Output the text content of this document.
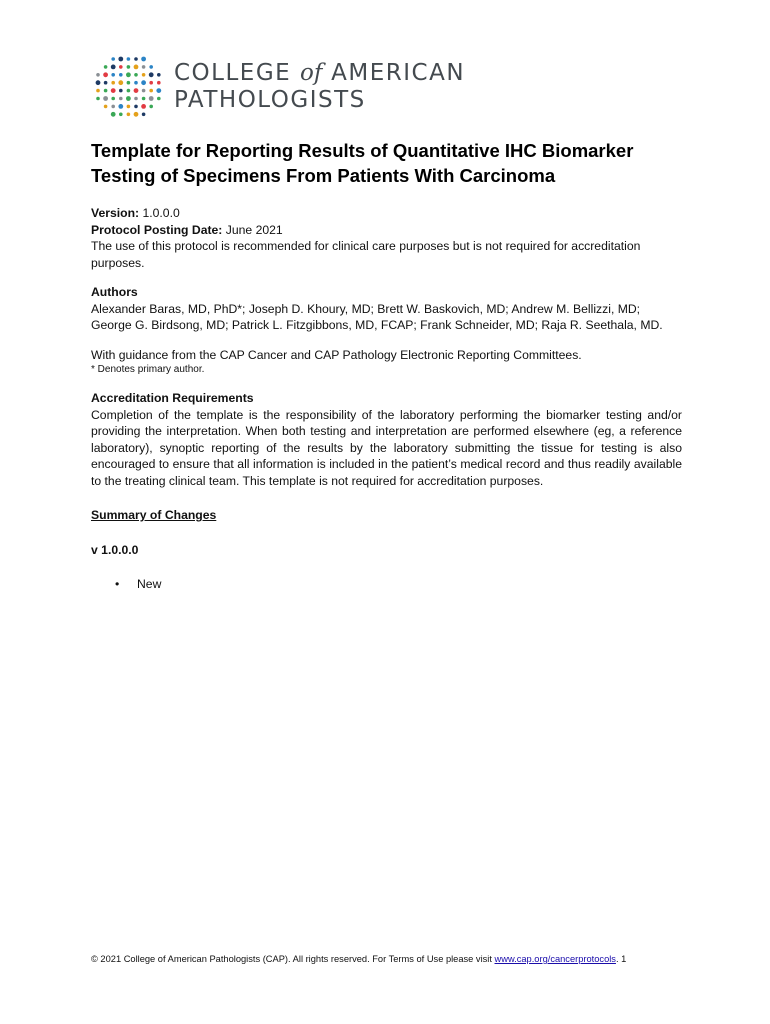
COLLEGE of AMERICAN
PATHOLOGISTS
Template for Reporting Results of Quantitative IHC Biomarker Testing of Specimens From Patients With Carcinoma

Version: 1.0.0.0

Protocol Posting Date: June 2021

The use of this protocol is recommended for clinical care purposes but is not required for accreditation purposes.

Authors

Alexander Baras, MD, PhD*; Joseph D. Khoury, MD; Brett W. Baskovich, MD; Andrew M. Bellizzi, MD; George G. Birdsong, MD; Patrick L. Fitzgibbons, MD, FCAP; Frank Schneider, MD; Raja R. Seethala, MD.

With guidance from the CAP Cancer and CAP Pathology Electronic Reporting Committees.

* Denotes primary author.

Accreditation Requirements

Completion of the template is the responsibility of the laboratory performing the biomarker testing and/or providing the interpretation. When both testing and interpretation are performed elsewhere (eg, a reference laboratory), synoptic reporting of the results by the laboratory submitting the tissue for testing is also encouraged to ensure that all information is included in the patient’s medical record and thus readily available to the treating clinical team. This template is not required for accreditation purposes.

Summary of Changes

v 1.0.0.0

• New
© 2021 College of American Pathologists (CAP). All rights reserved. For Terms of Use please visit www.cap.org/cancerprotocols. 1
